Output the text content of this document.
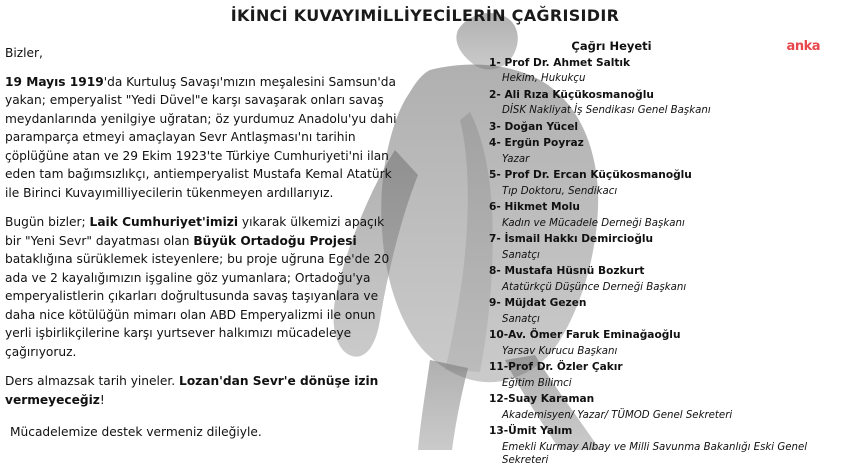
İKİNCİ KUVAYIMİLLİYECİLERİN ÇAĞRISIDIR
anka

Bizler,

19 Mayıs 1919'da Kurtuluş Savaşı'mızın meşalesini Samsun'da yakan; emperyalist "Yedi Düvel"e karşı savaşarak onları savaş meydanlarında yenilgiye uğratan; öz yurdumuz Anadolu'yu dahi paramparça etmeyi amaçlayan Sevr Antlaşması'nı tarihin çöplüğüne atan ve 29 Ekim 1923'te Türkiye Cumhuriyeti'ni ilan eden tam bağımsızlıkçı, antiemperyalist Mustafa Kemal Atatürk ile Birinci Kuvayımilliyecilerin tükenmeyen ardıllarıyız.

Bugün bizler; Laik Cumhuriyet'imizi yıkarak ülkemizi apaçık bir "Yeni Sevr" dayatması olan Büyük Ortadoğu Projesi bataklığına sürüklemek isteyenlere; bu proje uğruna Ege'de 20 ada ve 2 kayalığımızın işgaline göz yumanlara; Ortadoğu'ya emperyalistlerin çıkarları doğrultusunda savaş taşıyanlara ve daha nice kötülüğün mimarı olan ABD Emperyalizmi ile onun yerli işbirlikçilerine karşı yurtsever halkımızı mücadeleye çağırıyoruz.

Ders almazsak tarih yineler. Lozan'dan Sevr'e dönüşe izin vermeyeceğiz!

Mücadelemize destek vermeniz dileğiyle.

Çağrı Heyeti
1- Prof Dr. Ahmet Saltık
Hekim, Hukukçu
2- Ali Rıza Küçükosmanoğlu
DİSK Nakliyat İş Sendikası Genel Başkanı
3- Doğan Yücel
4- Ergün Poyraz
Yazar
5- Prof Dr. Ercan Küçükosmanoğlu
Tıp Doktoru, Sendikacı
6- Hikmet Molu
Kadın ve Mücadele Derneği Başkanı
7- İsmail Hakkı Demircioğlu
Sanatçı
8- Mustafa Hüsnü Bozkurt
Atatürkçü Düşünce Derneği Başkanı
9- Müjdat Gezen
Sanatçı
10-Av. Ömer Faruk Eminağaoğlu
Yarsav Kurucu Başkanı
11-Prof Dr. Özler Çakır
Eğitim Bilimci
12-Suay Karaman
Akademisyen/ Yazar/ TÜMOD Genel Sekreteri
13-Ümit Yalım
Emekli Kurmay Albay ve Milli Savunma Bakanlığı Eski Genel Sekreteri
